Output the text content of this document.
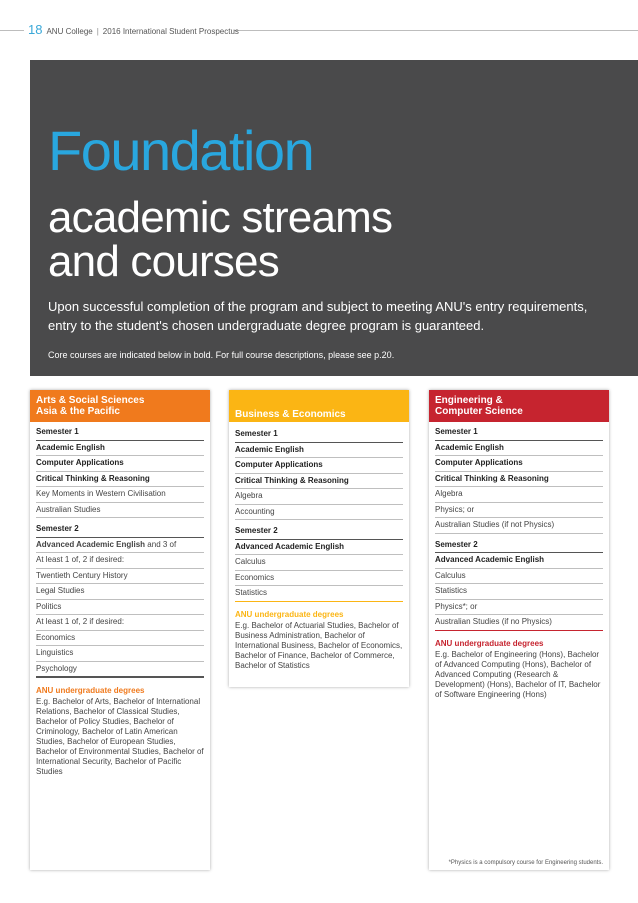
18 ANU College | 2016 International Student Prospectus
Foundation
academic streams
and courses
Upon successful completion of the program and subject to meeting ANU's entry requirements, entry to the student's chosen undergraduate degree program is guaranteed.
Core courses are indicated below in bold. For full course descriptions, please see p.20.
Arts & Social Sciences
Asia & the Pacific
Semester 1
Academic English
Computer Applications
Critical Thinking & Reasoning
Key Moments in Western Civilisation
Australian Studies
Semester 2
Advanced Academic English and 3 of
At least 1 of, 2 if desired:
Twentieth Century History
Legal Studies
Politics
At least 1 of, 2 if desired:
Economics
Linguistics
Psychology
ANU undergraduate degrees
E.g. Bachelor of Arts, Bachelor of International Relations, Bachelor of Classical Studies, Bachelor of Policy Studies, Bachelor of Criminology, Bachelor of Latin American Studies, Bachelor of European Studies, Bachelor of Environmental Studies, Bachelor of International Security, Bachelor of Pacific Studies
Business & Economics
Semester 1
Academic English
Computer Applications
Critical Thinking & Reasoning
Algebra
Accounting
Semester 2
Advanced Academic English
Calculus
Economics
Statistics
ANU undergraduate degrees
E.g. Bachelor of Actuarial Studies, Bachelor of Business Administration, Bachelor of International Business, Bachelor of Economics, Bachelor of Finance, Bachelor of Commerce, Bachelor of Statistics
Engineering &
Computer Science
Semester 1
Academic English
Computer Applications
Critical Thinking & Reasoning
Algebra
Physics; or
Australian Studies (if not Physics)
Semester 2
Advanced Academic English
Calculus
Statistics
Physics*; or
Australian Studies (if no Physics)
ANU undergraduate degrees
E.g. Bachelor of Engineering (Hons), Bachelor of Advanced Computing (Hons), Bachelor of Advanced Computing (Research & Development) (Hons), Bachelor of IT, Bachelor of Software Engineering (Hons)
*Physics is a compulsory course for Engineering students.
